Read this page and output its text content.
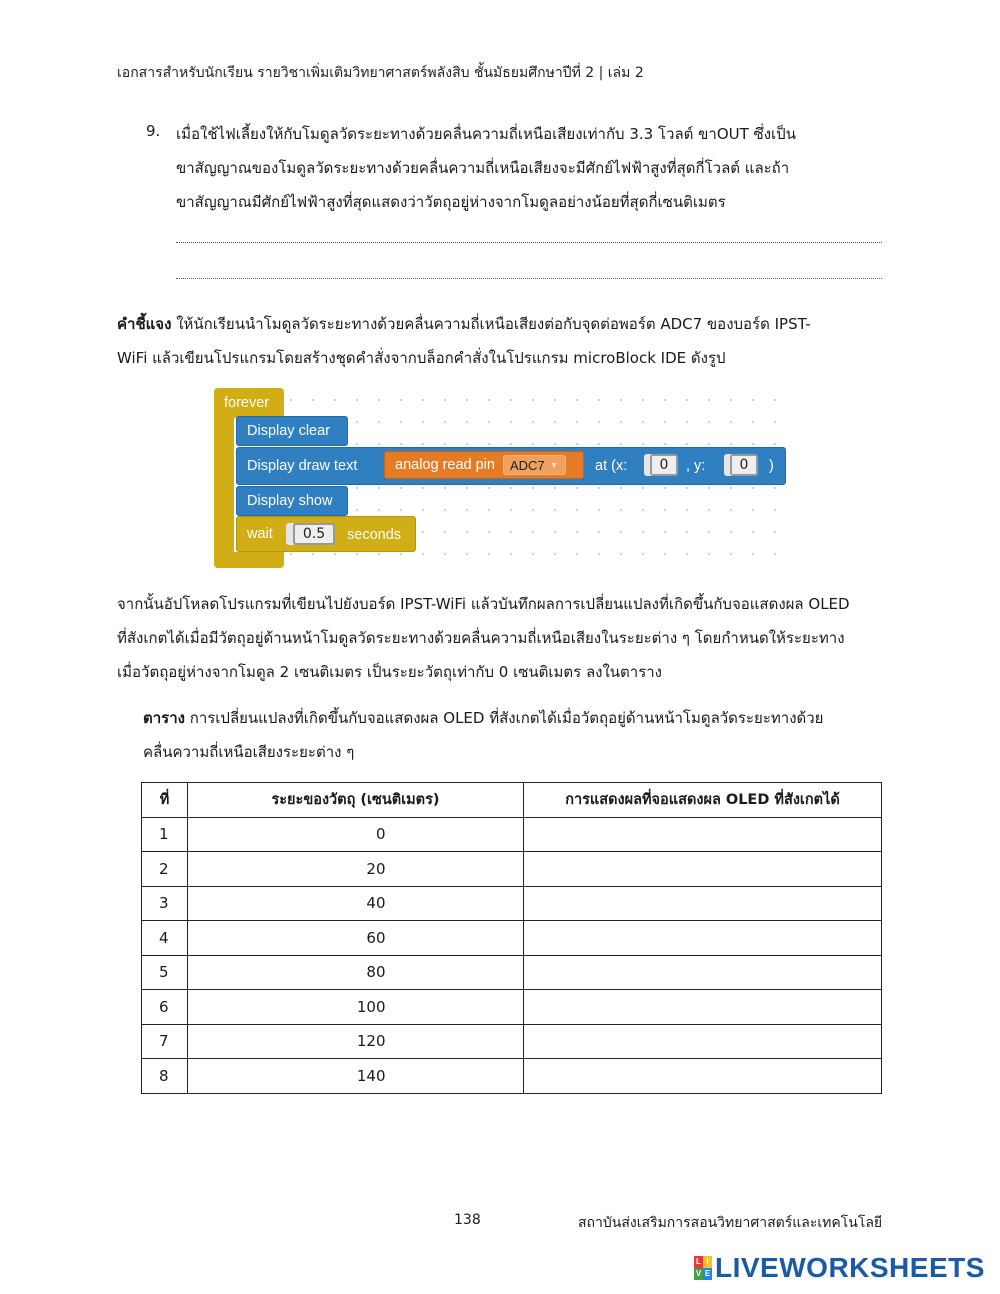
เอกสารสำหรับนักเรียน รายวิชาเพิ่มเติมวิทยาศาสตร์พลังสิบ ชั้นมัธยมศึกษาปีที่ 2 | เล่ม 2
9. เมื่อใช้ไฟเลี้ยงให้กับโมดูลวัดระยะทางด้วยคลื่นความถี่เหนือเสียงเท่ากับ 3.3 โวลต์ ขาOUT ซึ่งเป็น
ขาสัญญาณของโมดูลวัดระยะทางด้วยคลื่นความถี่เหนือเสียงจะมีศักย์ไฟฟ้าสูงที่สุดกี่โวลต์ และถ้า
ขาสัญญาณมีศักย์ไฟฟ้าสูงที่สุดแสดงว่าวัตถุอยู่ห่างจากโมดูลอย่างน้อยที่สุดกี่เซนติเมตร
คำชี้แจง ให้นักเรียนนำโมดูลวัดระยะทางด้วยคลื่นความถี่เหนือเสียงต่อกับจุดต่อพอร์ต ADC7 ของบอร์ด IPST-
WiFi แล้วเขียนโปรแกรมโดยสร้างชุดคำสั่งจากบล็อกคำสั่งในโปรแกรม microBlock IDE ดังรูป
forever
Display clear
Display draw text	analog read pin ADC7 ▼	at (x:	0	, y:	0	)
Display show
wait	0.5	seconds
จากนั้นอัปโหลดโปรแกรมที่เขียนไปยังบอร์ด IPST-WiFi แล้วบันทึกผลการเปลี่ยนแปลงที่เกิดขึ้นกับจอแสดงผล OLED
ที่สังเกตได้เมื่อมีวัตถุอยู่ด้านหน้าโมดูลวัดระยะทางด้วยคลื่นความถี่เหนือเสียงในระยะต่าง ๆ โดยกำหนดให้ระยะทาง
เมื่อวัตถุอยู่ห่างจากโมดูล 2 เซนติเมตร เป็นระยะวัตถุเท่ากับ 0 เซนติเมตร ลงในตาราง
ตาราง การเปลี่ยนแปลงที่เกิดขึ้นกับจอแสดงผล OLED ที่สังเกตได้เมื่อวัตถุอยู่ด้านหน้าโมดูลวัดระยะทางด้วย
คลื่นความถี่เหนือเสียงระยะต่าง ๆ
ที่	ระยะของวัตถุ (เซนติเมตร)	การแสดงผลที่จอแสดงผล OLED ที่สังเกตได้
1	0	
2	20	
3	40	
4	60	
5	80	
6	100	
7	120	
8	140	
138	สถาบันส่งเสริมการสอนวิทยาศาสตร์และเทคโนโลยี
L I
V E LIVEWORKSHEETS
